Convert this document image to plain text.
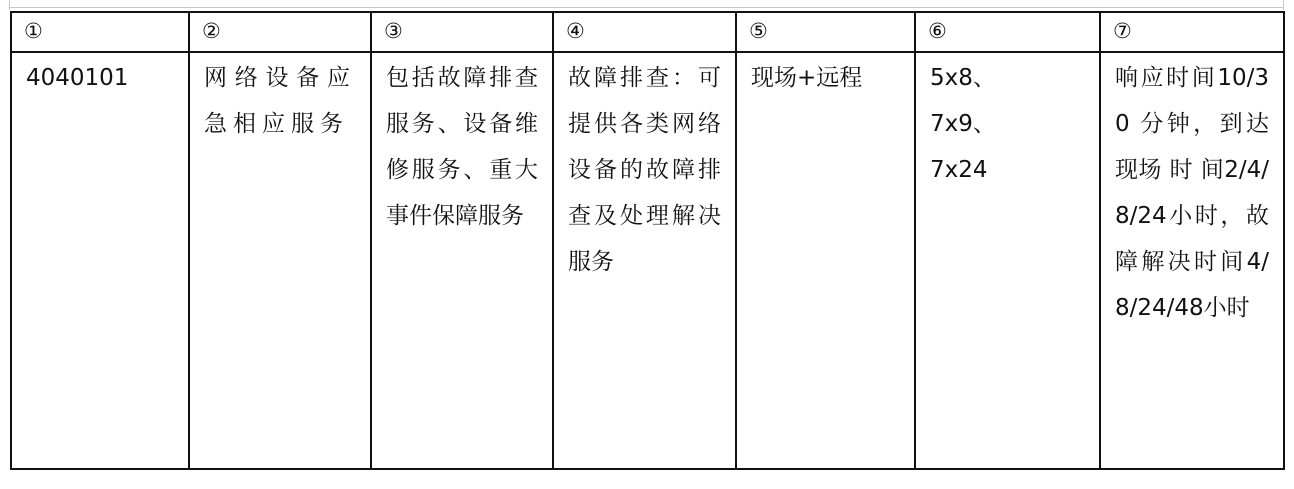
①	②	③	④	⑤	⑥	⑦

4040101	网络设备应急相应服务	包括故障排查服务、设备维修服务、重大事件保障服务	故障排查：可提供各类网络设备的故障排查及处理解决服务	现场+远程	5x8、
7x9、
7x24	响应时间10/30 分钟，到达现场 时 间2/4/8/24小时，故障解决时间4/8/24/48小时
